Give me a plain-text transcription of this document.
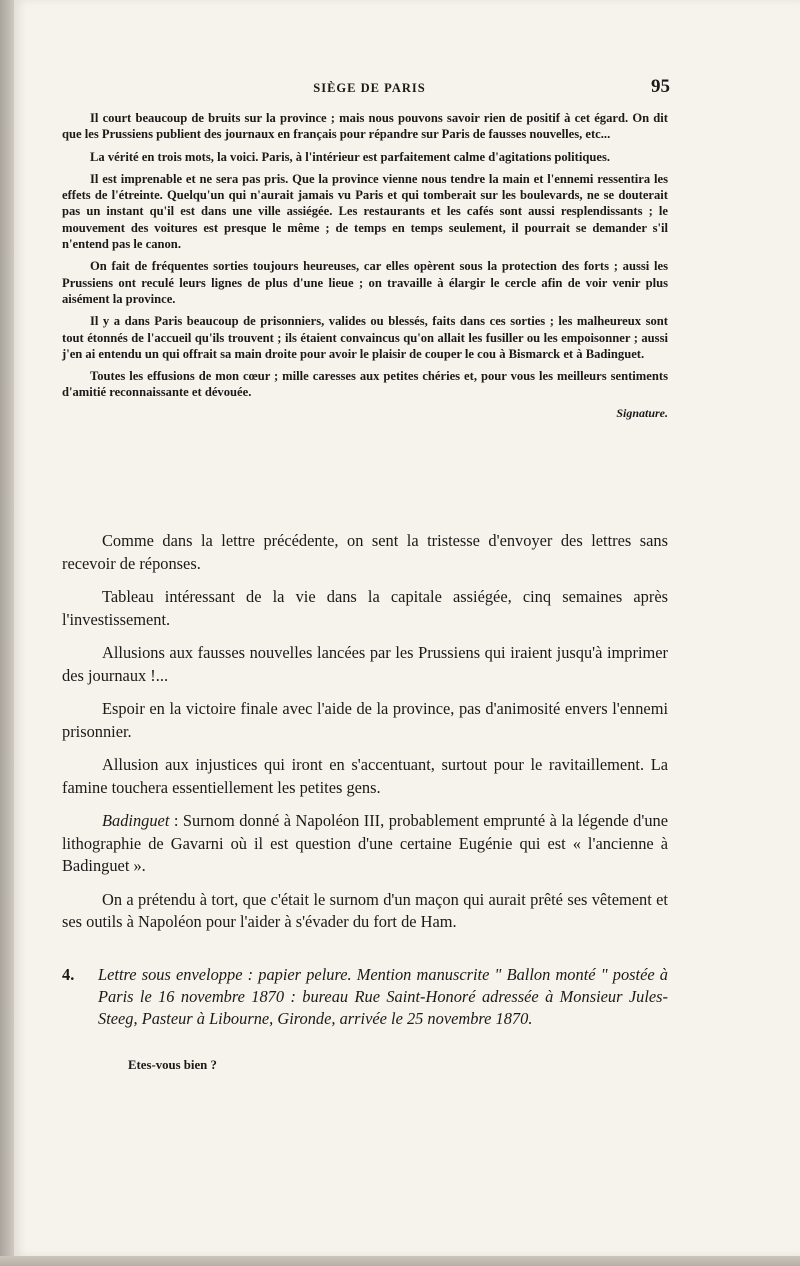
SIÈGE DE PARIS	95

Il court beaucoup de bruits sur la province ; mais nous pouvons savoir rien de positif à cet égard. On dit que les Prussiens publient des journaux en français pour répandre sur Paris de fausses nouvelles, etc...

La vérité en trois mots, la voici. Paris, à l'intérieur est parfaitement calme d'agitations politiques.

Il est imprenable et ne sera pas pris. Que la province vienne nous tendre la main et l'ennemi ressentira les effets de l'étreinte. Quelqu'un qui n'aurait jamais vu Paris et qui tomberait sur les boulevards, ne se douterait pas un instant qu'il est dans une ville assiégée. Les restaurants et les cafés sont aussi resplendissants ; le mouvement des voitures est presque le même ; de temps en temps seulement, il pourrait se demander s'il n'entend pas le canon.

On fait de fréquentes sorties toujours heureuses, car elles opèrent sous la protection des forts ; aussi les Prussiens ont reculé leurs lignes de plus d'une lieue ; on travaille à élargir le cercle afin de voir venir plus aisément la province.

Il y a dans Paris beaucoup de prisonniers, valides ou blessés, faits dans ces sorties ; les malheureux sont tout étonnés de l'accueil qu'ils trouvent ; ils étaient convaincus qu'on allait les fusiller ou les empoisonner ; aussi j'en ai entendu un qui offrait sa main droite pour avoir le plaisir de couper le cou à Bismarck et à Badinguet.

Toutes les effusions de mon cœur ; mille caresses aux petites chéries et, pour vous les meilleurs sentiments d'amitié reconnaissante et dévouée.

Signature.

Comme dans la lettre précédente, on sent la tristesse d'envoyer des lettres sans recevoir de réponses.

Tableau intéressant de la vie dans la capitale assiégée, cinq semaines après l'investissement.

Allusions aux fausses nouvelles lancées par les Prussiens qui iraient jusqu'à imprimer des journaux !...

Espoir en la victoire finale avec l'aide de la province, pas d'animosité envers l'ennemi prisonnier.

Allusion aux injustices qui iront en s'accentuant, surtout pour le ravitaillement. La famine touchera essentiellement les petites gens.

Badinguet : Surnom donné à Napoléon III, probablement emprunté à la légende d'une lithographie de Gavarni où il est question d'une certaine Eugénie qui est « l'ancienne à Badinguet ».

On a prétendu à tort, que c'était le surnom d'un maçon qui aurait prêté ses vêtement et ses outils à Napoléon pour l'aider à s'évader du fort de Ham.

4.	Lettre sous enveloppe : papier pelure. Mention manuscrite " Ballon monté " postée à Paris le 16 novembre 1870 : bureau Rue Saint-Honoré adressée à Monsieur Jules-Steeg, Pasteur à Libourne, Gironde, arrivée le 25 novembre 1870.
Etes-vous bien ?
